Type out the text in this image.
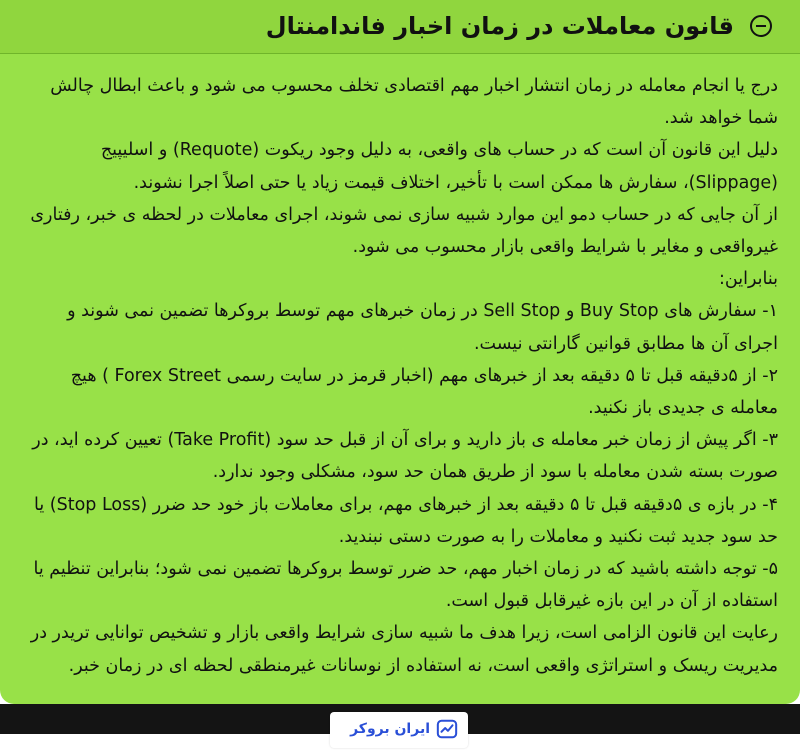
قانون معاملات در زمان اخبار فاندامنتال

درج یا انجام معامله در زمان انتشار اخبار مهم اقتصادی تخلف محسوب می شود و باعث ابطال چالش شما خواهد شد.

دلیل این قانون آن است که در حساب های واقعی، به دلیل وجود ریکوت (Requote) و اسلیپیج (Slippage)، سفارش ها ممکن است با تأخیر، اختلاف قیمت زیاد یا حتی اصلاً اجرا نشوند.

از آن جایی که در حساب دمو این موارد شبیه سازی نمی شوند، اجرای معاملات در لحظه ی خبر، رفتاری غیرواقعی و مغایر با شرایط واقعی بازار محسوب می شود.

بنابراین:

۱- سفارش های Buy Stop و Sell Stop در زمان خبرهای مهم توسط بروکرها تضمین نمی شوند و اجرای آن ها مطابق قوانین گارانتی نیست.

۲- از ۵دقیقه قبل تا ۵ دقیقه بعد از خبرهای مهم (اخبار قرمز در سایت رسمی Forex Street ) هیچ معامله ی جدیدی باز نکنید.

۳- اگر پیش از زمان خبر معامله ی باز دارید و برای آن از قبل حد سود (Take Profit) تعیین کرده اید، در صورت بسته شدن معامله با سود از طریق همان حد سود، مشکلی وجود ندارد.

۴- در بازه ی ۵دقیقه قبل تا ۵ دقیقه بعد از خبرهای مهم، برای معاملات باز خود حد ضرر (Stop Loss) یا حد سود جدید ثبت نکنید و معاملات را به صورت دستی نبندید.

۵- توجه داشته باشید که در زمان اخبار مهم، حد ضرر توسط بروکرها تضمین نمی شود؛ بنابراین تنظیم یا استفاده از آن در این بازه غیرقابل قبول است.

رعایت این قانون الزامی است، زیرا هدف ما شبیه سازی شرایط واقعی بازار و تشخیص توانایی تریدر در مدیریت ریسک و استراتژی واقعی است، نه استفاده از نوسانات غیرمنطقی لحظه ای در زمان خبر.

ایران بروکر
